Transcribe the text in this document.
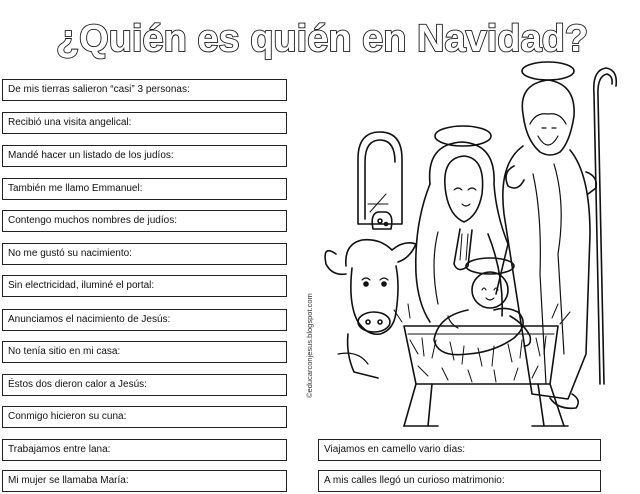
¿Quién es quién en Navidad?
De mis tierras salieron “casi” 3 personas:
Recibió una visita angelical:
Mandé hacer un listado de los judíos:
También me llamo Emmanuel:
Contengo muchos nombres de judíos:
No me gustó su nacimiento:
Sin electricidad, iluminé el portal:
Anunciamos el nacimiento de Jesús:
No tenía sitio en mi casa:
Éstos dos dieron calor a Jesús:
Conmigo hicieron su cuna:
Trabajamos entre lana:
Mi mujer se llamaba María:
Viajamos en camello vario días:
A mis calles llegó un curioso matrimonio:
©educarconjesus.blogspot.com
